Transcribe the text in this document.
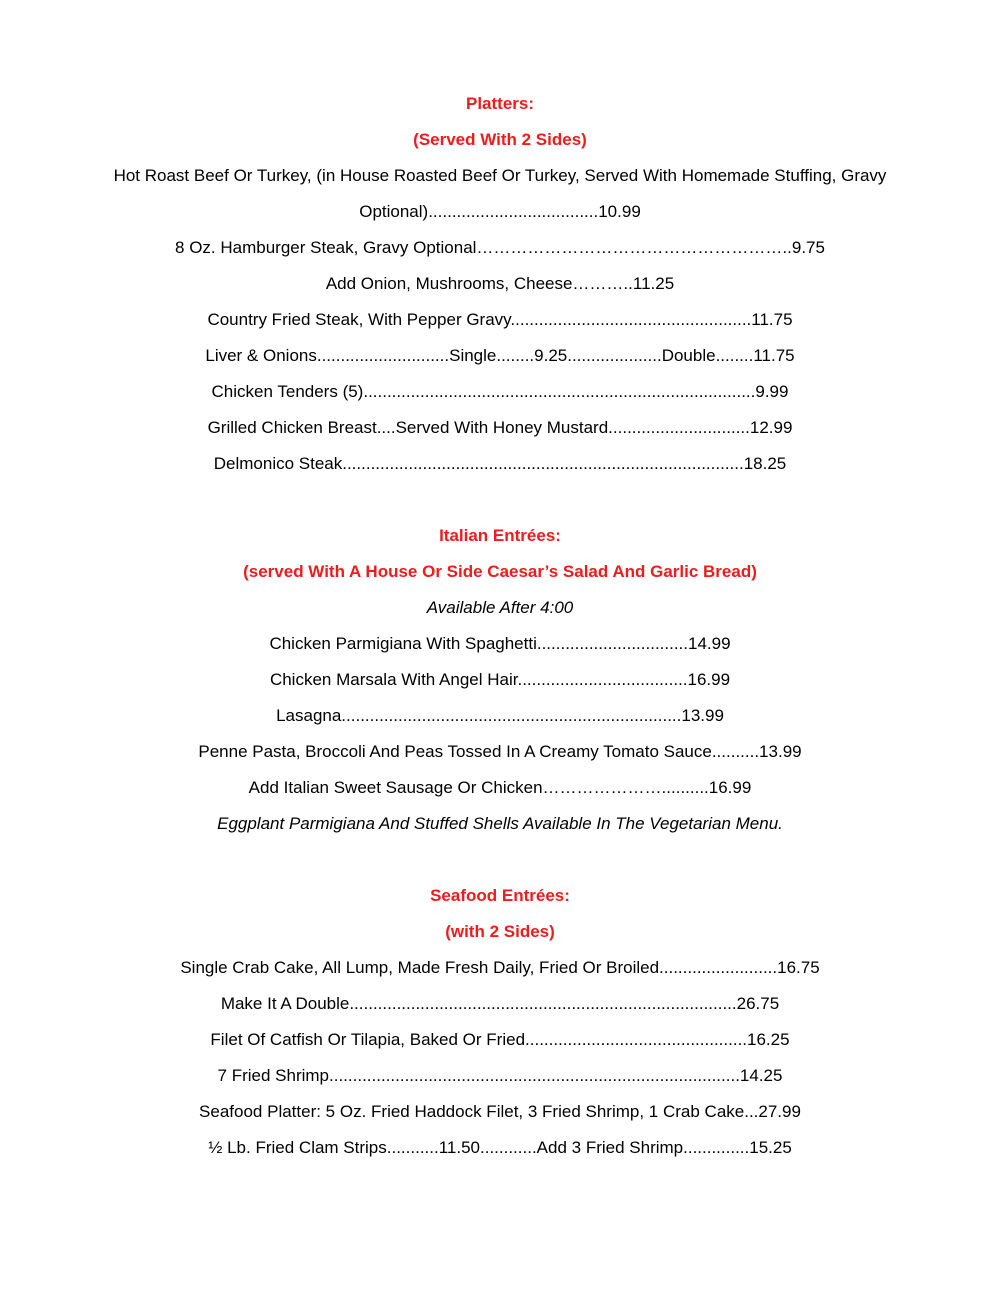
Platters:

(Served With 2 Sides)

Hot Roast Beef Or Turkey, (in House Roasted Beef Or Turkey, Served With Homemade Stuffing, Gravy Optional)....................................10.99

8 Oz. Hamburger Steak, Gravy Optional………………………………………………..9.75

Add Onion, Mushrooms, Cheese………..11.25

Country Fried Steak, With Pepper Gravy...................................................11.75

Liver & Onions............................Single........9.25....................Double........11.75

Chicken Tenders (5)...................................................................................9.99

Grilled Chicken Breast....Served With Honey Mustard..............................12.99

Delmonico Steak.....................................................................................18.25

Italian Entrées:

(served With A House Or Side Caesar’s Salad And Garlic Bread)

Available After 4:00

Chicken Parmigiana With Spaghetti................................14.99

Chicken Marsala With Angel Hair....................................16.99

Lasagna........................................................................13.99

Penne Pasta, Broccoli And Peas Tossed In A Creamy Tomato Sauce..........13.99

Add Italian Sweet Sausage Or Chicken…………………..........16.99

Eggplant Parmigiana And Stuffed Shells Available In The Vegetarian Menu.

Seafood Entrées:

(with 2 Sides)

Single Crab Cake, All Lump, Made Fresh Daily, Fried Or Broiled.........................16.75

Make It A Double..................................................................................26.75

Filet Of Catfish Or Tilapia, Baked Or Fried...............................................16.25

7 Fried Shrimp.......................................................................................14.25

Seafood Platter: 5 Oz. Fried Haddock Filet, 3 Fried Shrimp, 1 Crab Cake...27.99

½ Lb. Fried Clam Strips...........11.50............Add 3 Fried Shrimp..............15.25
